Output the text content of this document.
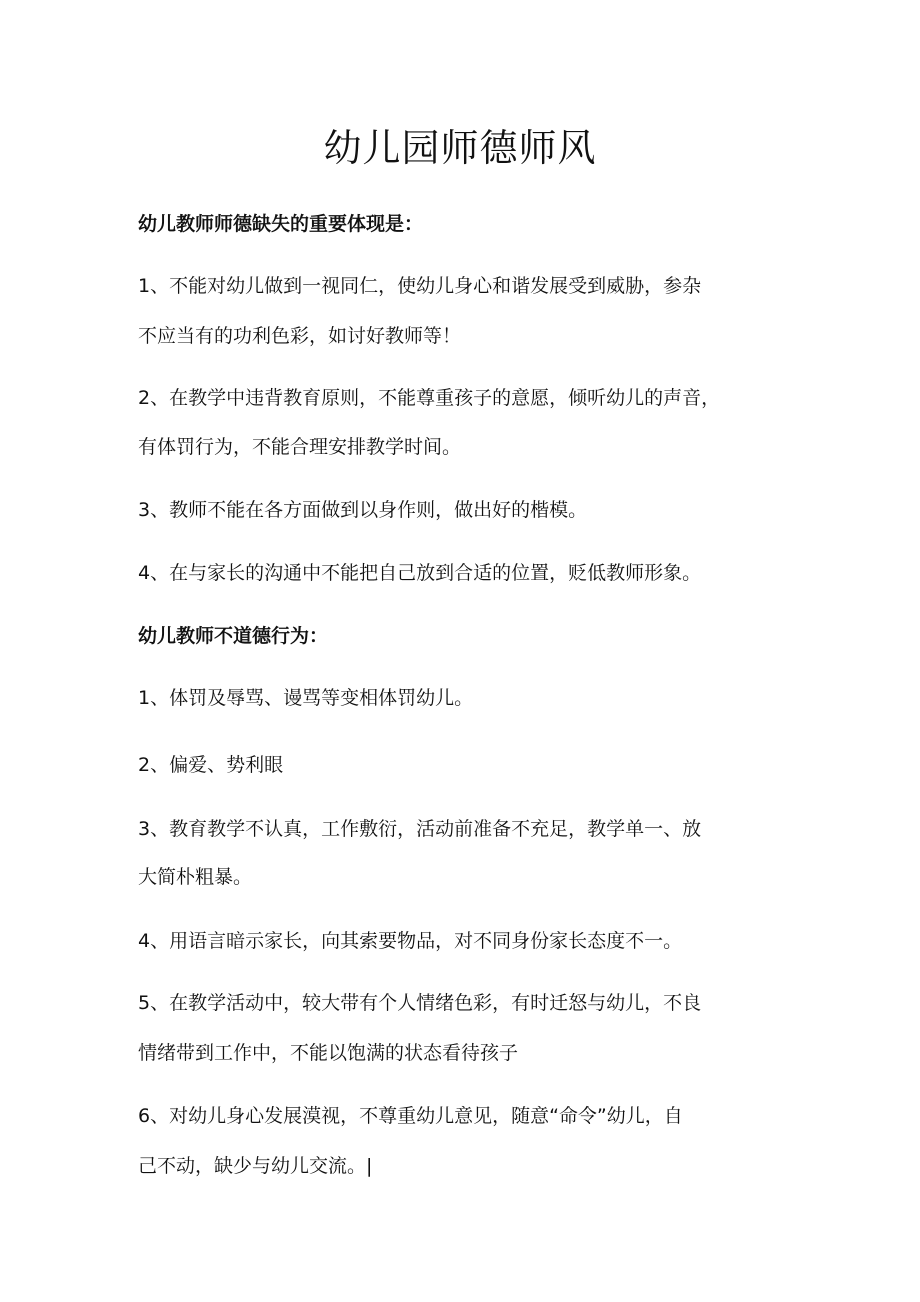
幼儿园师德师风

幼儿教师师德缺失的重要体现是：

1、不能对幼儿做到一视同仁，使幼儿身心和谐发展受到威胁，参杂

不应当有的功利色彩，如讨好教师等！

2、在教学中违背教育原则，不能尊重孩子的意愿，倾听幼儿的声音，

有体罚行为，不能合理安排教学时间。

3、教师不能在各方面做到以身作则，做出好的楷模。

4、在与家长的沟通中不能把自己放到合适的位置，贬低教师形象。

幼儿教师不道德行为：

1、体罚及辱骂、谩骂等变相体罚幼儿。

2、偏爱、势利眼

3、教育教学不认真，工作敷衍，活动前准备不充足，教学单一、放

大简朴粗暴。

4、用语言暗示家长，向其索要物品，对不同身份家长态度不一。

5、在教学活动中，较大带有个人情绪色彩，有时迁怒与幼儿，不良

情绪带到工作中，不能以饱满的状态看待孩子

6、对幼儿身心发展漠视，不尊重幼儿意见，随意“命令”幼儿，自

己不动，缺少与幼儿交流。|
